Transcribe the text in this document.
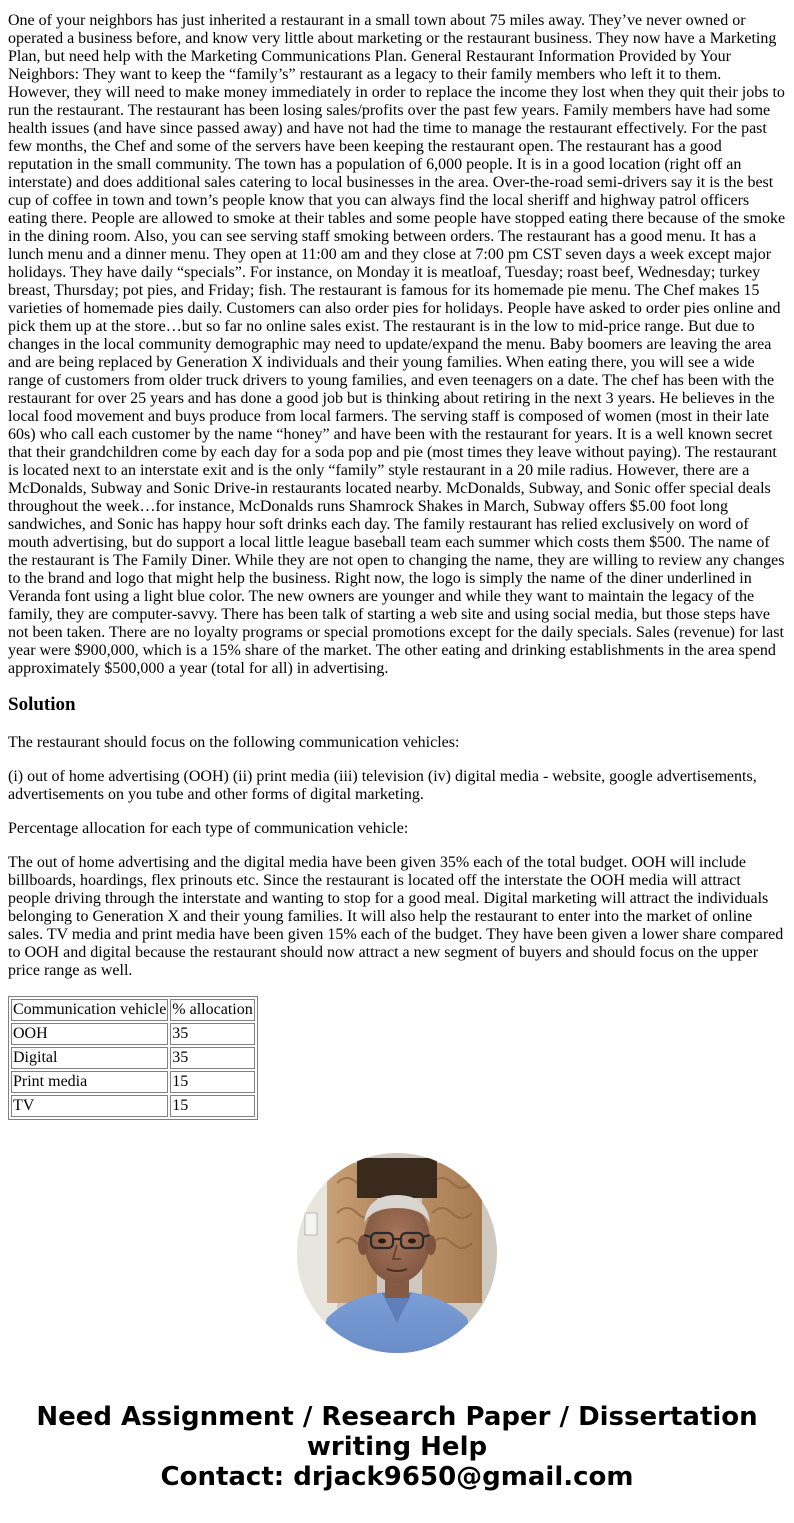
One of your neighbors has just inherited a restaurant in a small town about 75 miles away. They’ve never owned or operated a business before, and know very little about marketing or the restaurant business. They now have a Marketing Plan, but need help with the Marketing Communications Plan. General Restaurant Information Provided by Your Neighbors: They want to keep the “family’s” restaurant as a legacy to their family members who left it to them. However, they will need to make money immediately in order to replace the income they lost when they quit their jobs to run the restaurant. The restaurant has been losing sales/profits over the past few years. Family members have had some health issues (and have since passed away) and have not had the time to manage the restaurant effectively. For the past few months, the Chef and some of the servers have been keeping the restaurant open. The restaurant has a good reputation in the small community. The town has a population of 6,000 people. It is in a good location (right off an interstate) and does additional sales catering to local businesses in the area. Over-the-road semi-drivers say it is the best cup of coffee in town and town’s people know that you can always find the local sheriff and highway patrol officers eating there. People are allowed to smoke at their tables and some people have stopped eating there because of the smoke in the dining room. Also, you can see serving staff smoking between orders. The restaurant has a good menu. It has a lunch menu and a dinner menu. They open at 11:00 am and they close at 7:00 pm CST seven days a week except major holidays. They have daily “specials”. For instance, on Monday it is meatloaf, Tuesday; roast beef, Wednesday; turkey breast, Thursday; pot pies, and Friday; fish. The restaurant is famous for its homemade pie menu. The Chef makes 15 varieties of homemade pies daily. Customers can also order pies for holidays. People have asked to order pies online and pick them up at the store…but so far no online sales exist. The restaurant is in the low to mid-price range. But due to changes in the local community demographic may need to update/expand the menu. Baby boomers are leaving the area and are being replaced by Generation X individuals and their young families. When eating there, you will see a wide range of customers from older truck drivers to young families, and even teenagers on a date. The chef has been with the restaurant for over 25 years and has done a good job but is thinking about retiring in the next 3 years. He believes in the local food movement and buys produce from local farmers. The serving staff is composed of women (most in their late 60s) who call each customer by the name “honey” and have been with the restaurant for years. It is a well known secret that their grandchildren come by each day for a soda pop and pie (most times they leave without paying). The restaurant is located next to an interstate exit and is the only “family” style restaurant in a 20 mile radius. However, there are a McDonalds, Subway and Sonic Drive-in restaurants located nearby. McDonalds, Subway, and Sonic offer special deals throughout the week…for instance, McDonalds runs Shamrock Shakes in March, Subway offers $5.00 foot long sandwiches, and Sonic has happy hour soft drinks each day. The family restaurant has relied exclusively on word of mouth advertising, but do support a local little league baseball team each summer which costs them $500. The name of the restaurant is The Family Diner. While they are not open to changing the name, they are willing to review any changes to the brand and logo that might help the business. Right now, the logo is simply the name of the diner underlined in Veranda font using a light blue color. The new owners are younger and while they want to maintain the legacy of the family, they are computer-savvy. There has been talk of starting a web site and using social media, but those steps have not been taken. There are no loyalty programs or special promotions except for the daily specials. Sales (revenue) for last year were $900,000, which is a 15% share of the market. The other eating and drinking establishments in the area spend approximately $500,000 a year (total for all) in advertising.

Solution

The restaurant should focus on the following communication vehicles:

(i) out of home advertising (OOH) (ii) print media (iii) television (iv) digital media - website, google advertisements, advertisements on you tube and other forms of digital marketing.

Percentage allocation for each type of communication vehicle:

The out of home advertising and the digital media have been given 35% each of the total budget. OOH will include billboards, hoardings, flex prinouts etc. Since the restaurant is located off the interstate the OOH media will attract people driving through the interstate and wanting to stop for a good meal. Digital marketing will attract the individuals belonging to Generation X and their young families. It will also help the restaurant to enter into the market of online sales. TV media and print media have been given 15% each of the budget. They have been given a lower share compared to OOH and digital because the restaurant should now attract a new segment of buyers and should focus on the upper price range as well.

Communication vehicle	% allocation
OOH	35
Digital	35
Print media	15
TV	15
Need Assignment / Research Paper / Dissertation
writing Help
Contact: drjack9650@gmail.com
